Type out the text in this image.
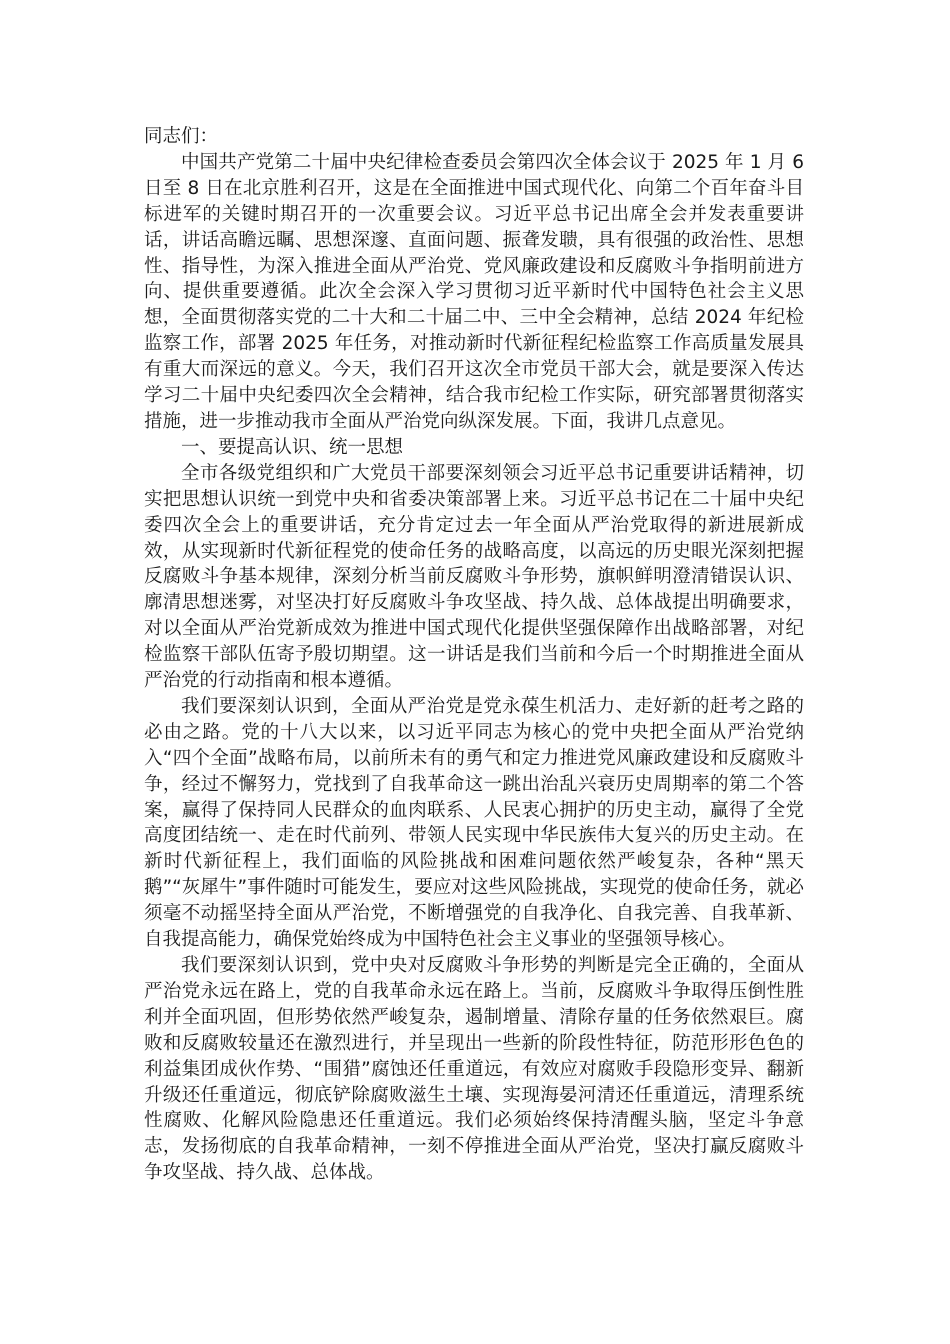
同志们：

中国共产党第二十届中央纪律检查委员会第四次全体会议于 2025 年 1 月 6 日至 8 日在北京胜利召开，这是在全面推进中国式现代化、向第二个百年奋斗目标进军的关键时期召开的一次重要会议。习近平总书记出席全会并发表重要讲话，讲话高瞻远瞩、思想深邃、直面问题、振聋发聩，具有很强的政治性、思想性、指导性，为深入推进全面从严治党、党风廉政建设和反腐败斗争指明前进方向、提供重要遵循。此次全会深入学习贯彻习近平新时代中国特色社会主义思想，全面贯彻落实党的二十大和二十届二中、三中全会精神，总结 2024 年纪检监察工作，部署 2025 年任务，对推动新时代新征程纪检监察工作高质量发展具有重大而深远的意义。今天，我们召开这次全市党员干部大会，就是要深入传达学习二十届中央纪委四次全会精神，结合我市纪检工作实际，研究部署贯彻落实措施，进一步推动我市全面从严治党向纵深发展。下面，我讲几点意见。

一、要提高认识、统一思想

全市各级党组织和广大党员干部要深刻领会习近平总书记重要讲话精神，切实把思想认识统一到党中央和省委决策部署上来。习近平总书记在二十届中央纪委四次全会上的重要讲话，充分肯定过去一年全面从严治党取得的新进展新成效，从实现新时代新征程党的使命任务的战略高度，以高远的历史眼光深刻把握反腐败斗争基本规律，深刻分析当前反腐败斗争形势，旗帜鲜明澄清错误认识、廓清思想迷雾，对坚决打好反腐败斗争攻坚战、持久战、总体战提出明确要求，对以全面从严治党新成效为推进中国式现代化提供坚强保障作出战略部署，对纪检监察干部队伍寄予殷切期望。这一讲话是我们当前和今后一个时期推进全面从严治党的行动指南和根本遵循。

我们要深刻认识到，全面从严治党是党永葆生机活力、走好新的赶考之路的必由之路。党的十八大以来，以习近平同志为核心的党中央把全面从严治党纳入“四个全面”战略布局，以前所未有的勇气和定力推进党风廉政建设和反腐败斗争，经过不懈努力，党找到了自我革命这一跳出治乱兴衰历史周期率的第二个答案，赢得了保持同人民群众的血肉联系、人民衷心拥护的历史主动，赢得了全党高度团结统一、走在时代前列、带领人民实现中华民族伟大复兴的历史主动。在新时代新征程上，我们面临的风险挑战和困难问题依然严峻复杂，各种“黑天鹅”“灰犀牛”事件随时可能发生，要应对这些风险挑战，实现党的使命任务，就必须毫不动摇坚持全面从严治党，不断增强党的自我净化、自我完善、自我革新、自我提高能力，确保党始终成为中国特色社会主义事业的坚强领导核心。

我们要深刻认识到，党中央对反腐败斗争形势的判断是完全正确的，全面从严治党永远在路上，党的自我革命永远在路上。当前，反腐败斗争取得压倒性胜利并全面巩固，但形势依然严峻复杂，遏制增量、清除存量的任务依然艰巨。腐败和反腐败较量还在激烈进行，并呈现出一些新的阶段性特征，防范形形色色的利益集团成伙作势、“围猎”腐蚀还任重道远，有效应对腐败手段隐形变异、翻新升级还任重道远，彻底铲除腐败滋生土壤、实现海晏河清还任重道远，清理系统性腐败、化解风险隐患还任重道远。我们必须始终保持清醒头脑，坚定斗争意志，发扬彻底的自我革命精神，一刻不停推进全面从严治党，坚决打赢反腐败斗争攻坚战、持久战、总体战。
